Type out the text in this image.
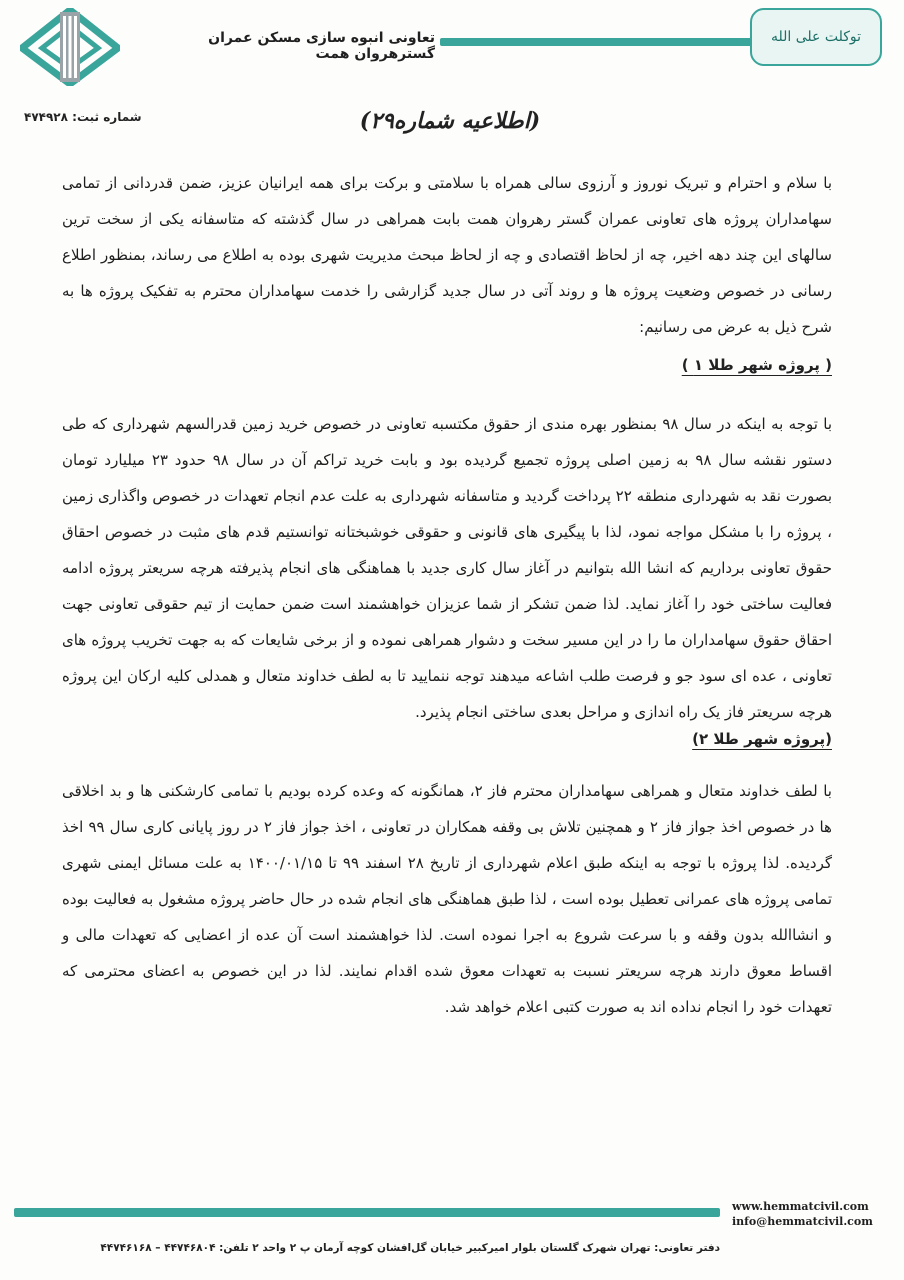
تعاونی انبوه سازی مسکن عمران گسترهروان همت
توکلت علی الله
شماره ثبت: ۴۷۴۹۲۸	(اطلاعیه شماره۲۹)

با سلام و احترام و تبریک نوروز و آرزوی سالی همراه با سلامتی و برکت برای همه ایرانیان عزیز، ضمن قدردانی از تمامی سهامداران پروژه های تعاونی عمران گستر رهروان همت بابت همراهی در سال گذشته که متاسفانه یکی از سخت ترین سالهای این چند دهه اخیر، چه از لحاظ اقتصادی و چه از لحاظ مبحث مدیریت شهری بوده به اطلاع می رساند، بمنظور اطلاع رسانی در خصوص وضعیت پروژه ها و روند آتی در سال جدید گزارشی را خدمت سهامداران محترم به تفکیک پروژه ها به شرح ذیل به عرض می رسانیم:

( پروژه شهر طلا ۱ )

با توجه به اینکه در سال ۹۸ بمنظور بهره مندی از حقوق مکتسبه تعاونی در خصوص خرید زمین قدرالسهم شهرداری که طی دستور نقشه سال ۹۸ به زمین اصلی پروژه تجمیع گردیده بود و بابت خرید تراکم آن در سال ۹۸ حدود ۲۳ میلیارد تومان بصورت نقد به شهرداری منطقه ۲۲ پرداخت گردید و متاسفانه شهرداری به علت عدم انجام تعهدات در خصوص واگذاری زمین ، پروژه را با مشکل مواجه نمود، لذا با پیگیری های قانونی و حقوقی خوشبختانه توانستیم قدم های مثبت در خصوص احقاق حقوق تعاونی برداریم که انشا الله بتوانیم در آغاز سال کاری جدید با هماهنگی های انجام پذیرفته هرچه سریعتر پروژه ادامه فعالیت ساختی خود را آغاز نماید. لذا ضمن تشکر از شما عزیزان خواهشمند است ضمن حمایت از تیم حقوقی تعاونی جهت احقاق حقوق سهامداران ما را در این مسیر سخت و دشوار همراهی نموده و از برخی شایعات که به جهت تخریب پروژه های تعاونی ، عده ای سود جو و فرصت طلب اشاعه میدهند توجه ننمایید تا به لطف خداوند متعال و همدلی کلیه ارکان این پروژه هرچه سریعتر فاز یک راه اندازی و مراحل بعدی ساختی انجام پذیرد.

(پروژه شهر طلا ۲)

با لطف خداوند متعال و همراهی سهامداران محترم فاز ۲، همانگونه که وعده کرده بودیم با تمامی کارشکنی ها و بد اخلاقی ها در خصوص اخذ جواز فاز ۲ و همچنین تلاش بی وقفه همکاران در تعاونی ، اخذ جواز فاز ۲ در روز پایانی کاری سال ۹۹ اخذ گردیده. لذا پروژه با توجه به اینکه طبق اعلام شهرداری از تاریخ ۲۸ اسفند ۹۹ تا ۱۴۰۰/۰۱/۱۵ به علت مسائل ایمنی شهری تمامی پروژه های عمرانی تعطیل بوده است ، لذا طبق هماهنگی های انجام شده در حال حاضر پروژه مشغول به فعالیت بوده و انشاالله بدون وقفه و با سرعت شروع به اجرا نموده است. لذا خواهشمند است آن عده از اعضایی که تعهدات مالی و اقساط معوق دارند هرچه سریعتر نسبت به تعهدات معوق شده اقدام نمایند. لذا در این خصوص به اعضای محترمی که تعهدات خود را انجام نداده اند به صورت کتبی اعلام خواهد شد.

www.hemmatcivil.com
info@hemmatcivil.com
دفتر تعاونی: تهران شهرک گلستان بلوار امیرکبیر خیابان گل‌افشان کوچه آرمان پ ۲ واحد ۲ تلفن: ۴۴۷۴۶۸۰۴ – ۴۴۷۴۶۱۶۸
